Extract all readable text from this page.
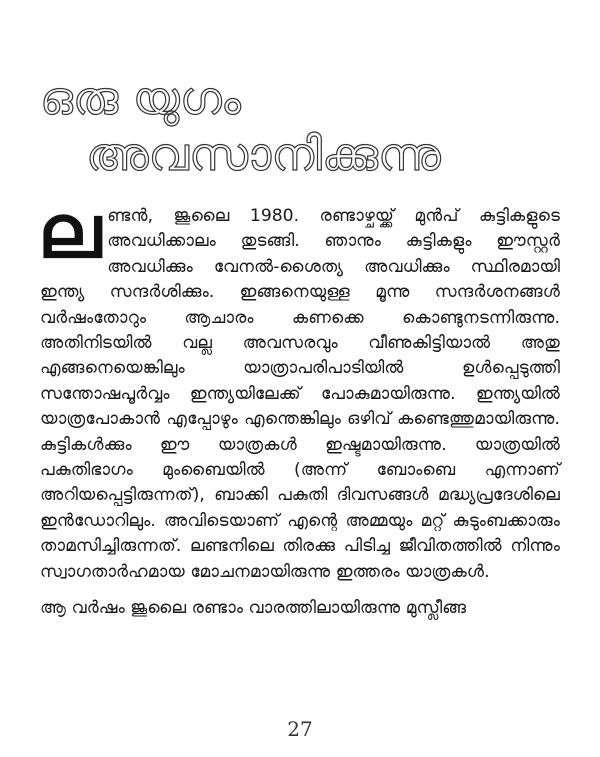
ഒരു യുഗം
അവസാനിക്കുന്നു

ലണ്ടൻ, ജൂലൈ 1980. രണ്ടാഴ്ചയ്ക്ക് മുൻപ് കുട്ടികളുടെ അവധിക്കാലം തുടങ്ങി. ഞാനും കുട്ടികളും ഈസ്റ്റർ അവധിക്കും വേനൽ-ശൈത്യ അവധിക്കും സ്ഥിരമായി ഇന്ത്യ സന്ദർശിക്കും. ഇങ്ങനെയുള്ള മൂന്നു സന്ദർശനങ്ങൾ വർഷംതോറും ആചാരം കണക്കെ കൊണ്ടുനടന്നിരുന്നു. അതിനിടയിൽ വല്ല അവസരവും വീണുകിട്ടിയാൽ അതു എങ്ങനെയെങ്കിലും യാത്രാപരിപാടിയിൽ ഉൾപ്പെടുത്തി സന്തോഷപൂർവ്വം ഇന്ത്യയിലേക്ക് പോകുമായിരുന്നു. ഇന്ത്യയിൽ യാത്രപോകാൻ എപ്പോഴും എന്തെങ്കിലും ഒഴിവ് കണ്ടെത്തുമായിരുന്നു. കുട്ടികൾക്കും ഈ യാത്രകൾ ഇഷ്ടമായിരുന്നു. യാത്രയിൽ പകുതിഭാഗം മുംബൈയിൽ (അന്ന് ബോംബെ എന്നാണ് അറിയപ്പെട്ടിരുന്നത്), ബാക്കി പകുതി ദിവസങ്ങൾ മദ്ധ്യപ്രദേശിലെ ഇൻഡോറിലും. അവിടെയാണ് എന്റെ അമ്മയും മറ്റ് കുടുംബക്കാരും താമസിച്ചിരുന്നത്. ലണ്ടനിലെ തിരക്കു പിടിച്ച ജീവിതത്തിൽ നിന്നും സ്വാഗതാർഹമായ മോചനമായിരുന്നു ഇത്തരം യാത്രകൾ.

ആ വർഷം ജൂലൈ രണ്ടാം വാരത്തിലായിരുന്നു മുസ്ലീങ്ങ

27
